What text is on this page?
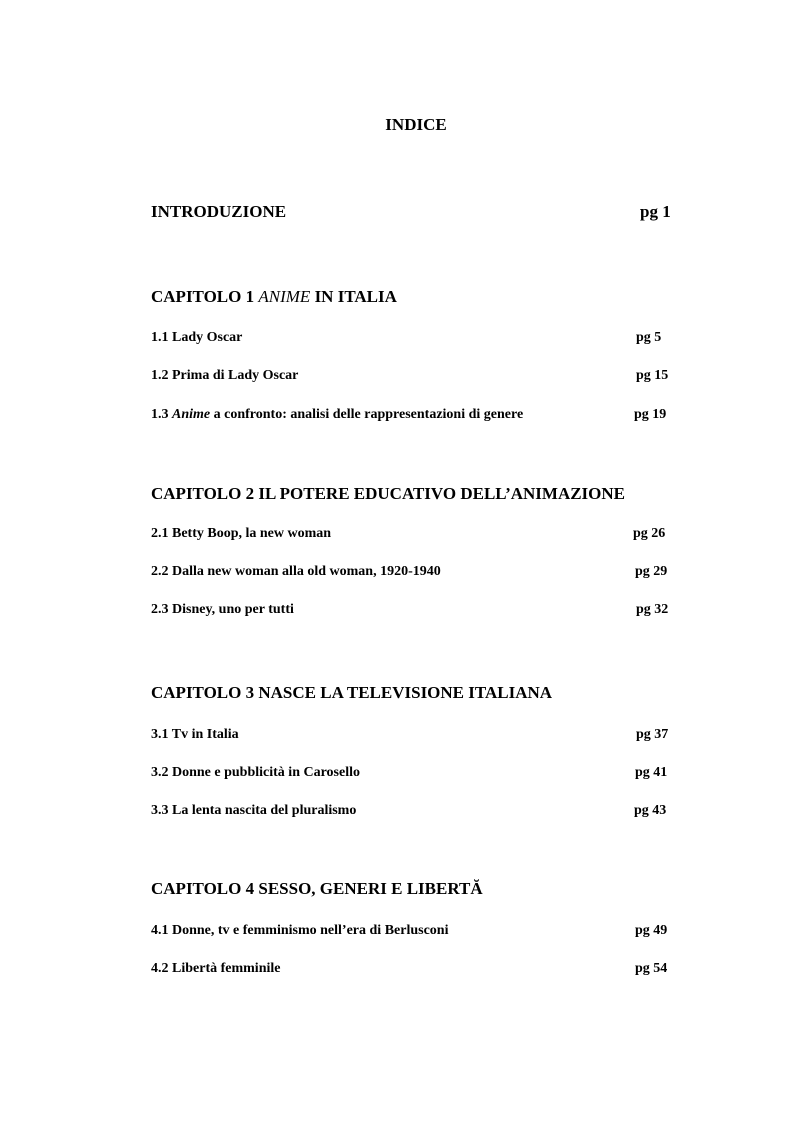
INDICE
INTRODUZIONE	pg 1
CAPITOLO 1 ANIME IN ITALIA
1.1 Lady Oscar	pg 5
1.2 Prima di Lady Oscar	pg 15
1.3 Anime a confronto: analisi delle rappresentazioni di genere	pg 19
CAPITOLO 2 IL POTERE EDUCATIVO DELL’ANIMAZIONE
2.1 Betty Boop, la new woman	pg 26
2.2 Dalla new woman alla old woman, 1920-1940	pg 29
2.3 Disney, uno per tutti	pg 32
CAPITOLO 3 NASCE LA TELEVISIONE ITALIANA
3.1 Tv in Italia	pg 37
3.2 Donne e pubblicità in Carosello	pg 41
3.3 La lenta nascita del pluralismo	pg 43
CAPITOLO 4 SESSO, GENERI E LIBERTĂ
4.1 Donne, tv e femminismo nell’era di Berlusconi	pg 49
4.2 Libertà femminile	pg 54
